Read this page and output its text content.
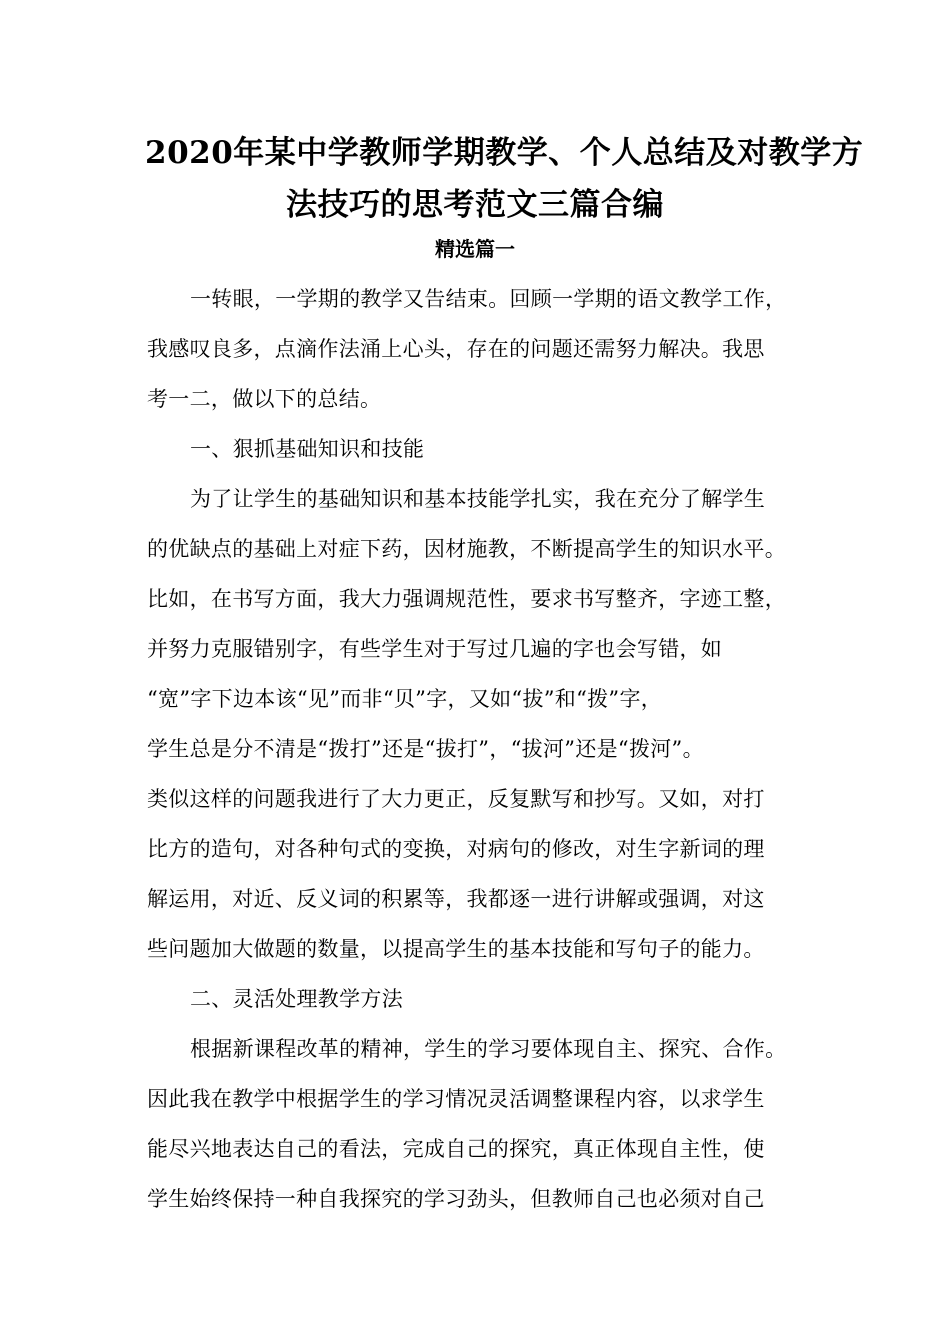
2020年某中学教师学期教学、个人总结及对教学方
法技巧的思考范文三篇合编
精选篇一
一转眼，一学期的教学又告结束。回顾一学期的语文教学工作，
我感叹良多，点滴作法涌上心头，存在的问题还需努力解决。我思
考一二，做以下的总结。
一、狠抓基础知识和技能
为了让学生的基础知识和基本技能学扎实，我在充分了解学生
的优缺点的基础上对症下药，因材施教，不断提高学生的知识水平。
比如，在书写方面，我大力强调规范性，要求书写整齐，字迹工整，
并努力克服错别字，有些学生对于写过几遍的字也会写错，如
“宽”字下边本该“见”而非“贝”字，又如“拔”和“拨”字，
学生总是分不清是“拨打”还是“拔打”，“拔河”还是“拨河”。
类似这样的问题我进行了大力更正，反复默写和抄写。又如，对打
比方的造句，对各种句式的变换，对病句的修改，对生字新词的理
解运用，对近、反义词的积累等，我都逐一进行讲解或强调，对这
些问题加大做题的数量，以提高学生的基本技能和写句子的能力。
二、灵活处理教学方法
根据新课程改革的精神，学生的学习要体现自主、探究、合作。
因此我在教学中根据学生的学习情况灵活调整课程内容，以求学生
能尽兴地表达自己的看法，完成自己的探究，真正体现自主性，使
学生始终保持一种自我探究的学习劲头，但教师自己也必须对自己
